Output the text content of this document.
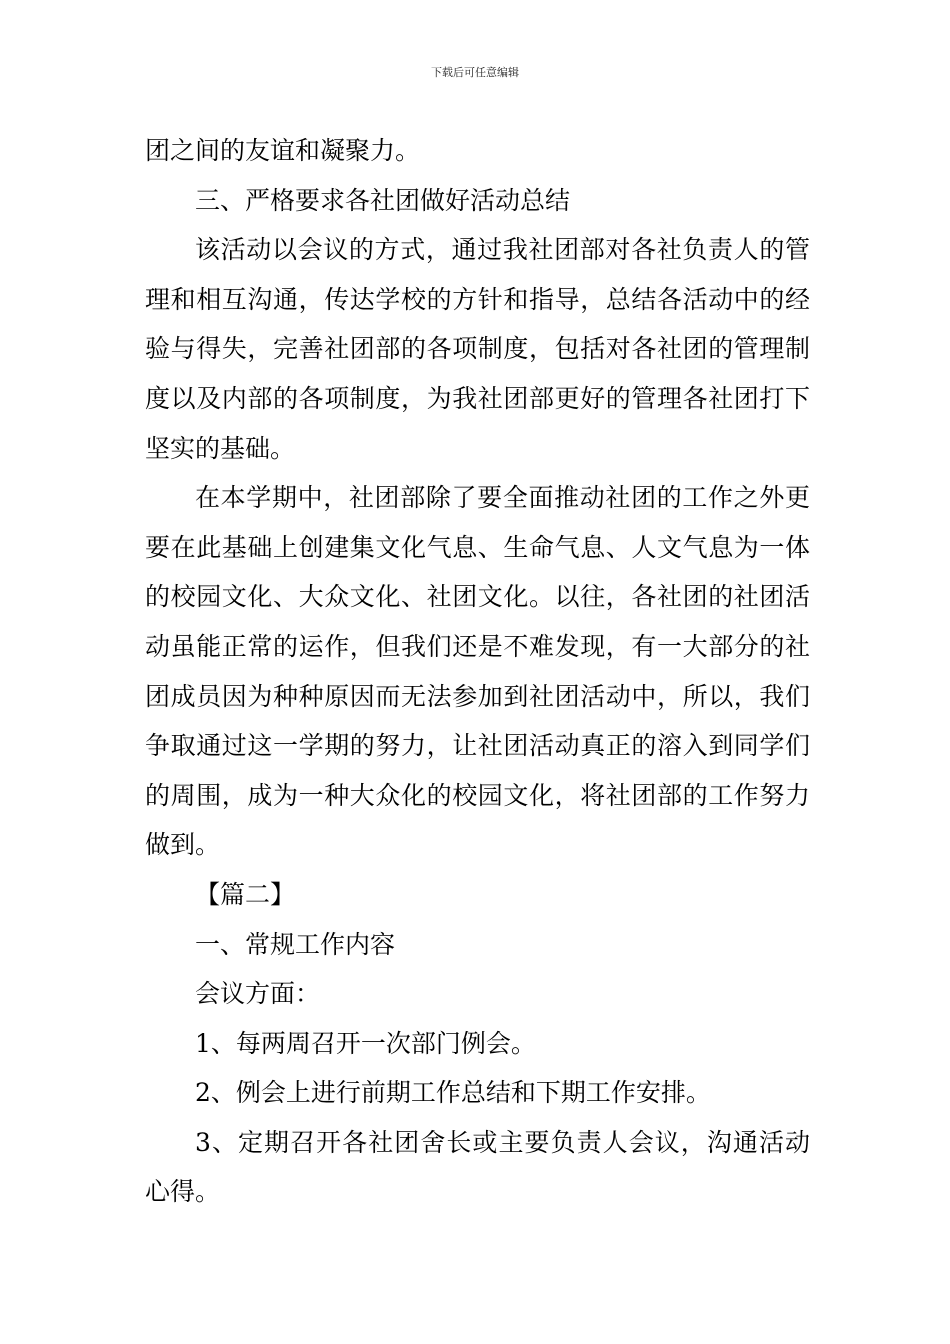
下载后可任意编辑

团之间的友谊和凝聚力。

三、严格要求各社团做好活动总结

该活动以会议的方式，通过我社团部对各社负责人的管理和相互沟通，传达学校的方针和指导，总结各活动中的经验与得失，完善社团部的各项制度，包括对各社团的管理制度以及内部的各项制度，为我社团部更好的管理各社团打下坚实的基础。

在本学期中，社团部除了要全面推动社团的工作之外更要在此基础上创建集文化气息、生命气息、人文气息为一体的校园文化、大众文化、社团文化。以往，各社团的社团活动虽能正常的运作，但我们还是不难发现，有一大部分的社团成员因为种种原因而无法参加到社团活动中，所以，我们争取通过这一学期的努力，让社团活动真正的溶入到同学们的周围，成为一种大众化的校园文化，将社团部的工作努力做到。

【篇二】

一、常规工作内容

会议方面：

1、每两周召开一次部门例会。

2、例会上进行前期工作总结和下期工作安排。

3、定期召开各社团舍长或主要负责人会议，沟通活动心得。
